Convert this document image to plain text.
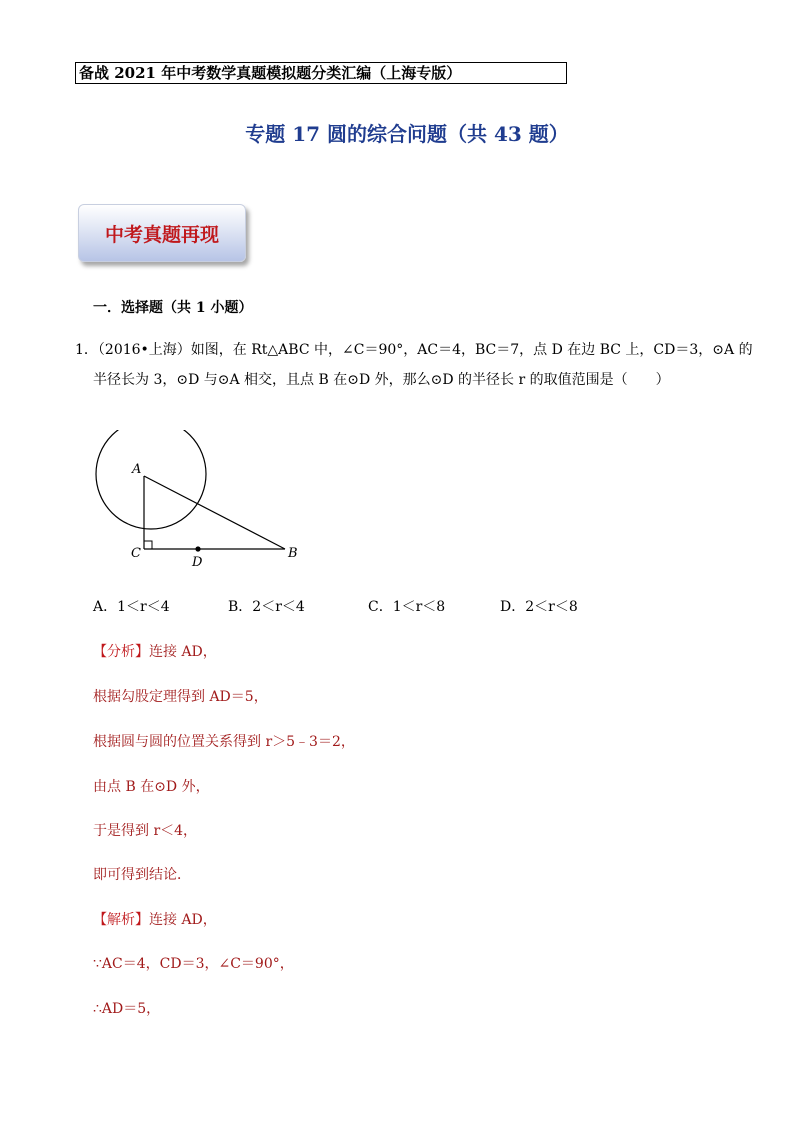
备战 2021 年中考数学真题模拟题分类汇编（上海专版）
专题 17 圆的综合问题（共 43 题）
中考真题再现
一．选择题（共 1 小题）
1．（2016•上海）如图，在 Rt△ABC 中，∠C＝90°，AC＝4，BC＝7，点 D 在边 BC 上，CD＝3，⊙A 的
半径长为 3，⊙D 与⊙A 相交，且点 B 在⊙D 外，那么⊙D 的半径长 r 的取值范围是（　　）
A
C
D
B
A．1＜r＜4	B．2＜r＜4	C．1＜r＜8	D．2＜r＜8
【分析】连接 AD，
根据勾股定理得到 AD＝5，
根据圆与圆的位置关系得到 r＞5﹣3＝2，
由点 B 在⊙D 外，
于是得到 r＜4，
即可得到结论．
【解析】连接 AD，
∵AC＝4，CD＝3，∠C＝90°，
∴AD＝5，
